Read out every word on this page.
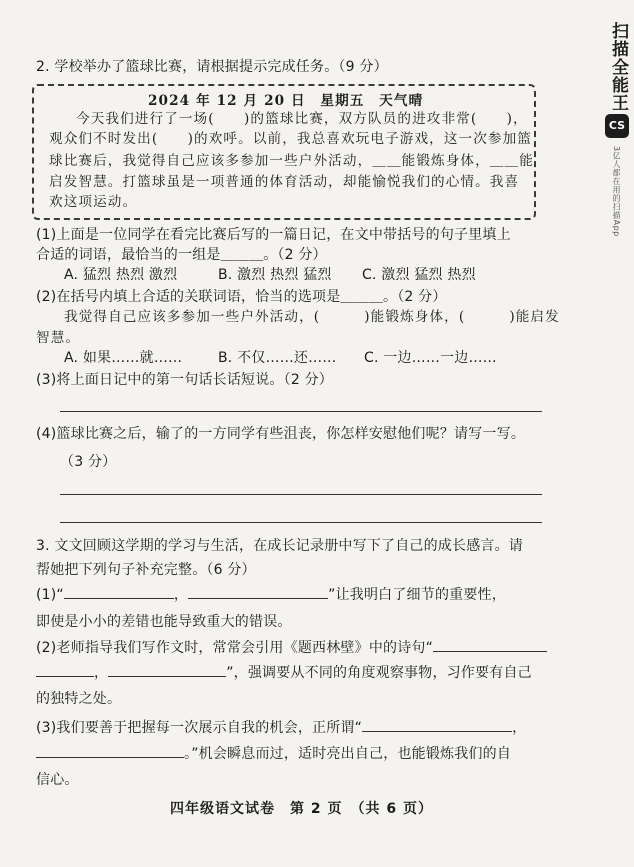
扫描全能王
CS
3亿人都在用的扫描App
2. 学校举办了篮球比赛，请根据提示完成任务。（9 分）
2024 年 12 月 20 日　星期五　天气晴
今天我们进行了一场(　　)的篮球比赛，双方队员的进攻非常(　　)，
观众们不时发出(　　)的欢呼。以前，我总喜欢玩电子游戏，这一次参加篮
球比赛后，我觉得自己应该多参加一些户外活动，＿＿能锻炼身体，＿＿能
启发智慧。打篮球虽是一项普通的体育活动，却能愉悦我们的心情。我喜
欢这项运动。
(1)上面是一位同学在看完比赛后写的一篇日记，在文中带括号的句子里填上
合适的词语，最恰当的一组是＿＿＿。（2 分）
A. 猛烈 热烈 激烈	B. 激烈 热烈 猛烈 C. 激烈 猛烈 热烈
(2)在括号内填上合适的关联词语，恰当的选项是＿＿＿。（2 分）
我觉得自己应该多参加一些户外活动，(　　　)能锻炼身体，(　　　)能启发
智慧。
A. 如果……就……	B. 不仅……还…… C. 一边……一边……
(3)将上面日记中的第一句话长话短说。（2 分）
(4)篮球比赛之后，输了的一方同学有些沮丧，你怎样安慰他们呢？请写一写。
（3 分）
3. 文文回顾这学期的学习与生活，在成长记录册中写下了自己的成长感言。请
帮她把下列句子补充完整。（6 分）
(1)“	，	”让我明白了细节的重要性，
即使是小小的差错也能导致重大的错误。
(2)老师指导我们写作文时，常常会引用《题西林壁》中的诗句“
，	”，强调要从不同的角度观察事物，习作要有自己
的独特之处。
(3)我们要善于把握每一次展示自我的机会，正所谓“	，
。”机会瞬息而过，适时亮出自己，也能锻炼我们的自
信心。
四年级语文试卷　第 2 页　（共 6 页）
